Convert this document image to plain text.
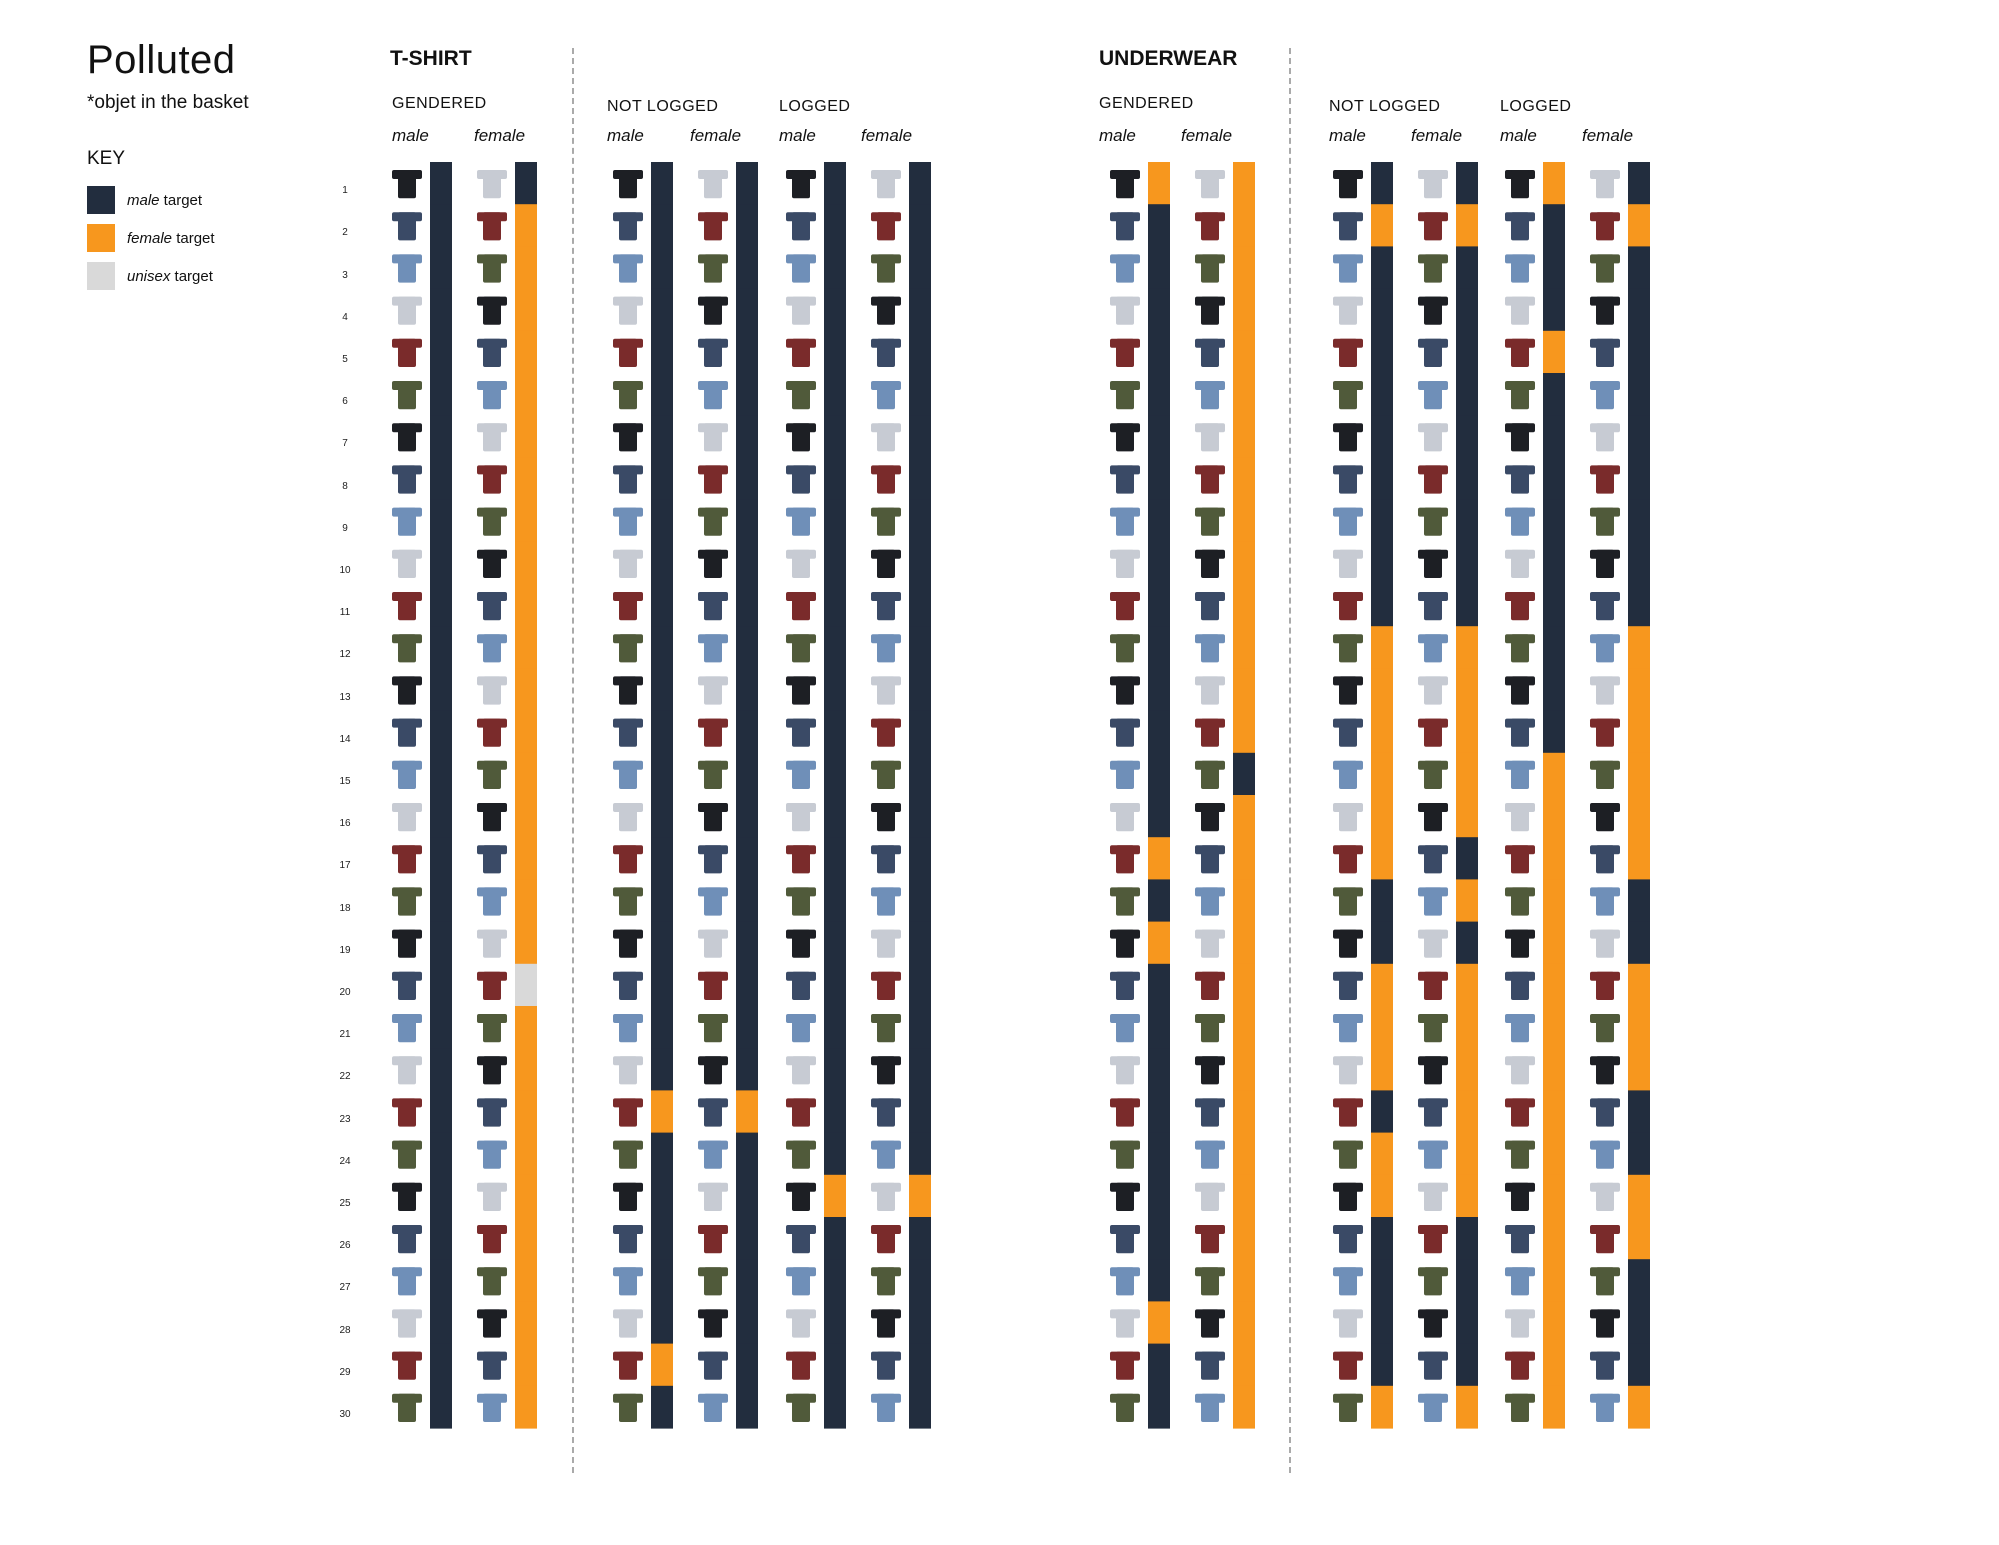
Polluted
*objet in the basket
KEY
male target
female target
unisex target
T-SHIRT
GENDERED	NOT LOGGED	LOGGED
male	female	male	female male	female
UNDERWEAR
GENDERED	NOT LOGGED	LOGGED
male	female	male	female male	female
1
2
3
4
5
6
7
8
9
10
11
12
13
14
15
16
17
18
19
20
21
22
23
24
25
26
27
28
29
30
